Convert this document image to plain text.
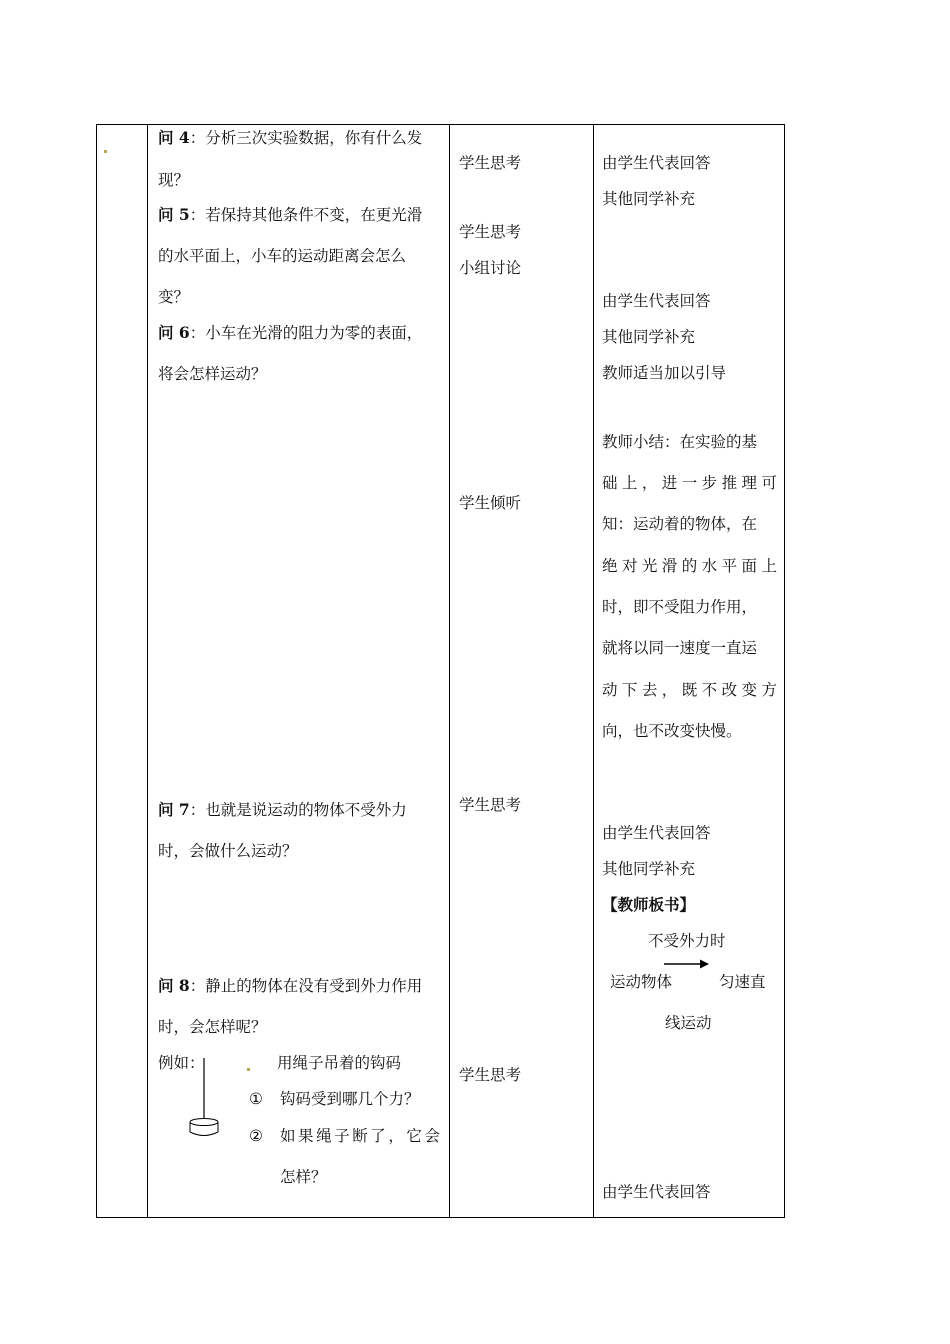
问 4：分析三次实验数据，你有什么发
现？
问 5：若保持其他条件不变，在更光滑
的水平面上，小车的运动距离会怎么
变？
问 6：小车在光滑的阻力为零的表面，
将会怎样运动？
问 7：也就是说运动的物体不受外力
时，会做什么运动？
问 8：静止的物体在没有受到外力作用
时，会怎样呢？
例如：	用绳子吊着的钩码
① 钩码受到哪几个力？
② 如果绳子断了，它会
怎样？
学生思考
学生思考
小组讨论
学生倾听
学生思考
学生思考
由学生代表回答
其他同学补充
由学生代表回答
其他同学补充
教师适当加以引导
教师小结：在实验的基
础上，进一步推理可
知：运动着的物体，在
绝对光滑的水平面上
时，即不受阻力作用，
就将以同一速度一直运
动下去，既不改变方
向，也不改变快慢。
由学生代表回答
其他同学补充
【教师板书】
不受外力时
运动物体	匀速直
线运动
由学生代表回答
